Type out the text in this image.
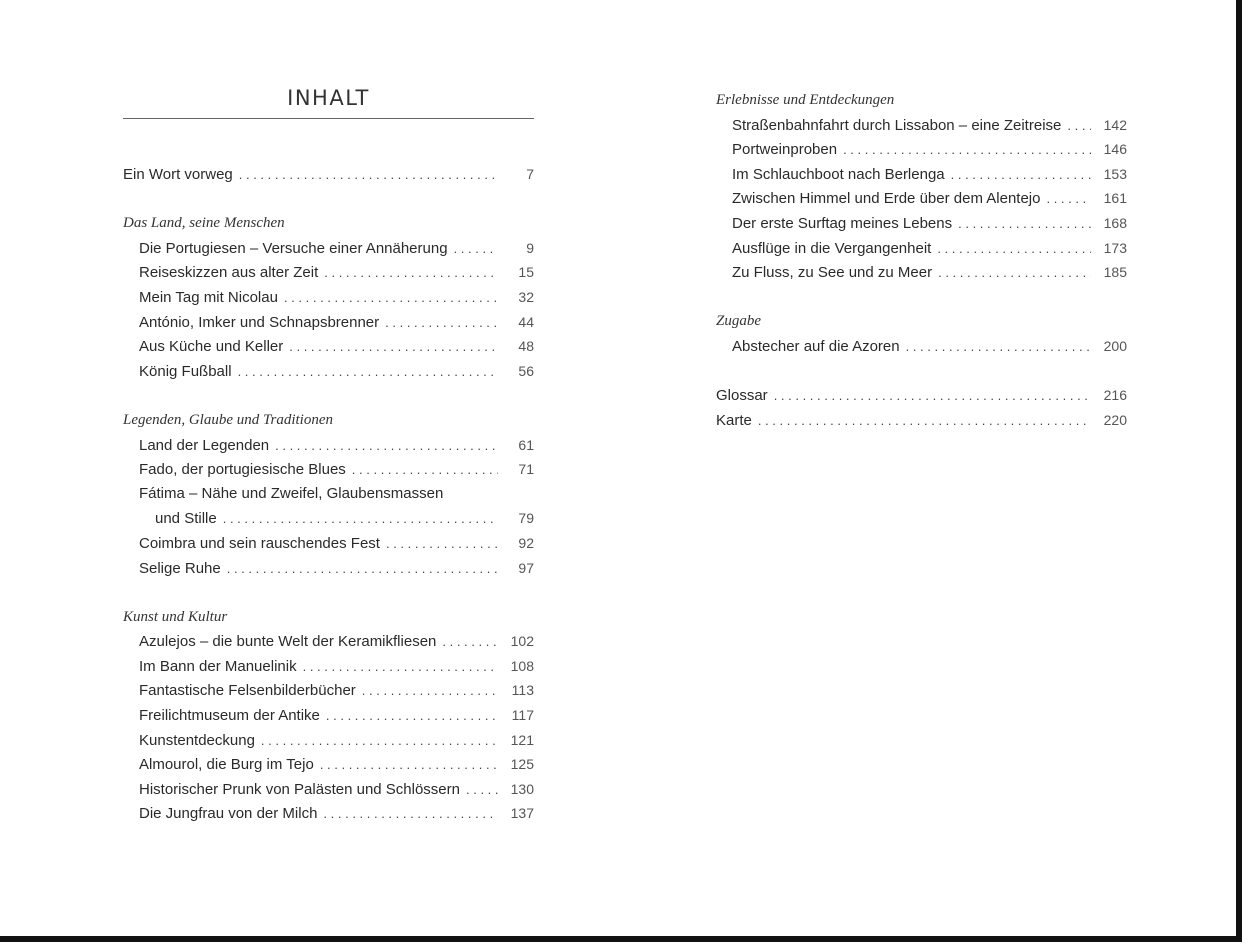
INHALT
Ein Wort vorweg . . .	7
Das Land, seine Menschen
Die Portugiesen – Versuche einer Annäherung . . .	9
Reiseskizzen aus alter Zeit . . .	15
Mein Tag mit Nicolau . . .	32
António, Imker und Schnapsbrenner . . .	44
Aus Küche und Keller . . .	48
König Fußball . . .	56
Legenden, Glaube und Traditionen
Land der Legenden . . .	61
Fado, der portugiesische Blues . . .	71
Fátima – Nähe und Zweifel, Glaubensmassen
und Stille . . .	79
Coimbra und sein rauschendes Fest . . .	92
Selige Ruhe . . .	97
Kunst und Kultur
Azulejos – die bunte Welt der Keramikfliesen . . .	102
Im Bann der Manuelinik . . .	108
Fantastische Felsenbilderbücher . . .	113
Freilichtmuseum der Antike . . .	117
Kunstentdeckung . . .	121
Almourol, die Burg im Tejo . . .	125
Historischer Prunk von Palästen und Schlössern . . .	130
Die Jungfrau von der Milch . . .	137
Erlebnisse und Entdeckungen
Straßenbahnfahrt durch Lissabon – eine Zeitreise . . .	142
Portweinproben . . .	146
Im Schlauchboot nach Berlenga . . .	153
Zwischen Himmel und Erde über dem Alentejo . . .	161
Der erste Surftag meines Lebens . . .	168
Ausflüge in die Vergangenheit . . .	173
Zu Fluss, zu See und zu Meer . . .	185
Zugabe
Abstecher auf die Azoren . . .	200
Glossar . . .	216
Karte . . .	220
